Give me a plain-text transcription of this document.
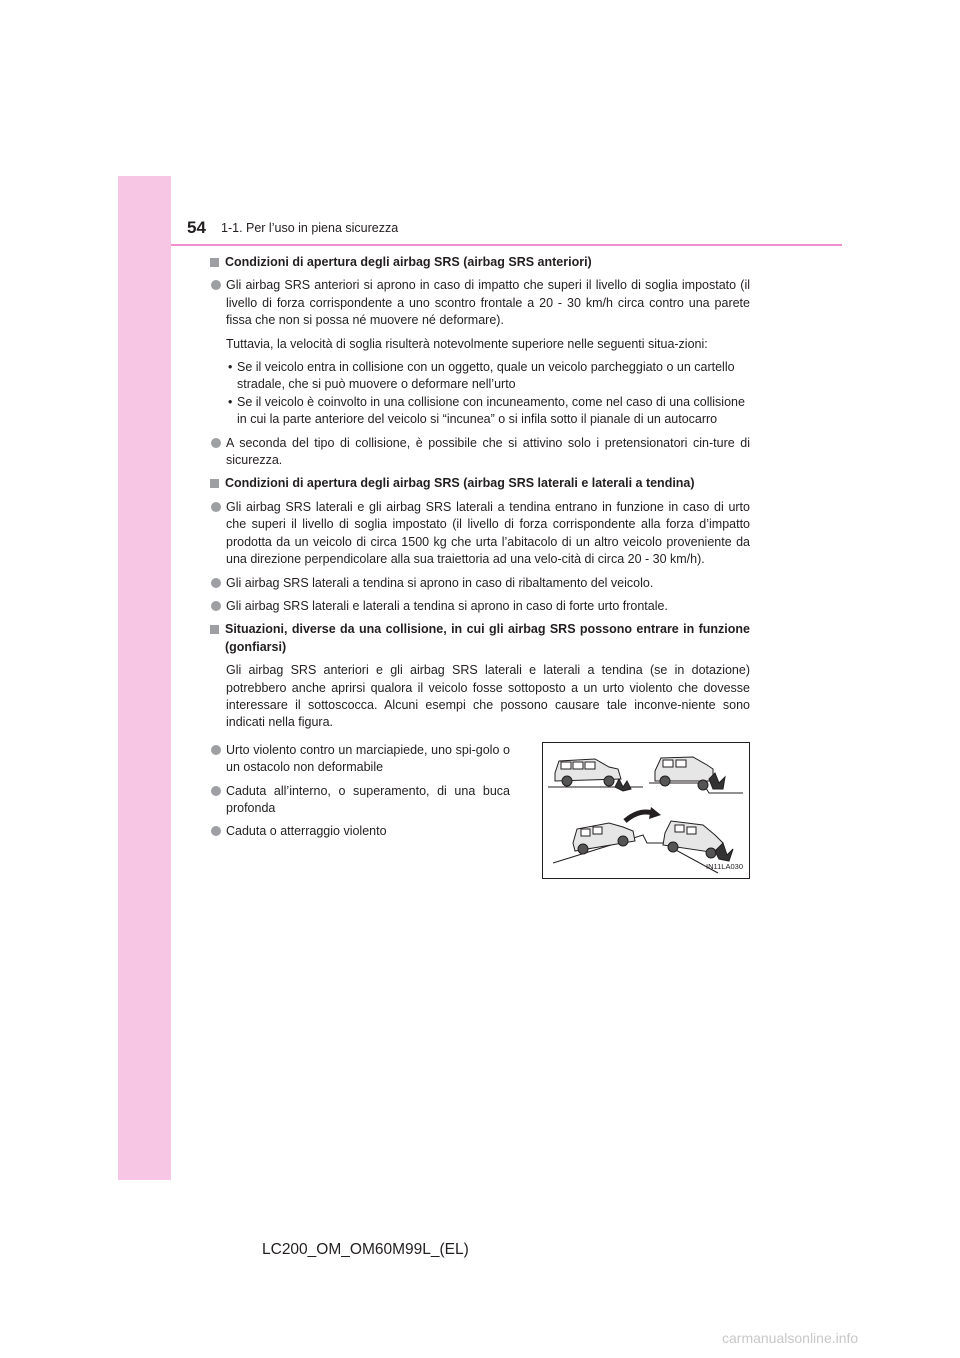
54 1-1. Per l’uso in piena sicurezza
Condizioni di apertura degli airbag SRS (airbag SRS anteriori)
Gli airbag SRS anteriori si aprono in caso di impatto che superi il livello di soglia impostato (il livello di forza corrispondente a uno scontro frontale a 20 - 30 km/h circa contro una parete fissa che non si possa né muovere né deformare).
Tuttavia, la velocità di soglia risulterà notevolmente superiore nelle seguenti situa-zioni:
• Se il veicolo entra in collisione con un oggetto, quale un veicolo parcheggiato o un cartello stradale, che si può muovere o deformare nell’urto
• Se il veicolo è coinvolto in una collisione con incuneamento, come nel caso di una collisione in cui la parte anteriore del veicolo si “incunea” o si infila sotto il pianale di un autocarro
A seconda del tipo di collisione, è possibile che si attivino solo i pretensionatori cin-ture di sicurezza.
Condizioni di apertura degli airbag SRS (airbag SRS laterali e laterali a tendina)
Gli airbag SRS laterali e gli airbag SRS laterali a tendina entrano in funzione in caso di urto che superi il livello di soglia impostato (il livello di forza corrispondente alla forza d’impatto prodotta da un veicolo di circa 1500 kg che urta l’abitacolo di un altro veicolo proveniente da una direzione perpendicolare alla sua traiettoria ad una velo-cità di circa 20 - 30 km/h).
Gli airbag SRS laterali a tendina si aprono in caso di ribaltamento del veicolo.
Gli airbag SRS laterali e laterali a tendina si aprono in caso di forte urto frontale.
Situazioni, diverse da una collisione, in cui gli airbag SRS possono entrare in funzione (gonfiarsi)
Gli airbag SRS anteriori e gli airbag SRS laterali e laterali a tendina (se in dotazione) potrebbero anche aprirsi qualora il veicolo fosse sottoposto a un urto violento che dovesse interessare il sottoscocca. Alcuni esempi che possono causare tale inconve-niente sono indicati nella figura.
Urto violento contro un marciapiede, uno spi-golo o un ostacolo non deformabile
Caduta all’interno, o superamento, di una buca profonda
Caduta o atterraggio violento
IN11LA030
LC200_OM_OM60M99L_(EL)
carmanualsonline.info
